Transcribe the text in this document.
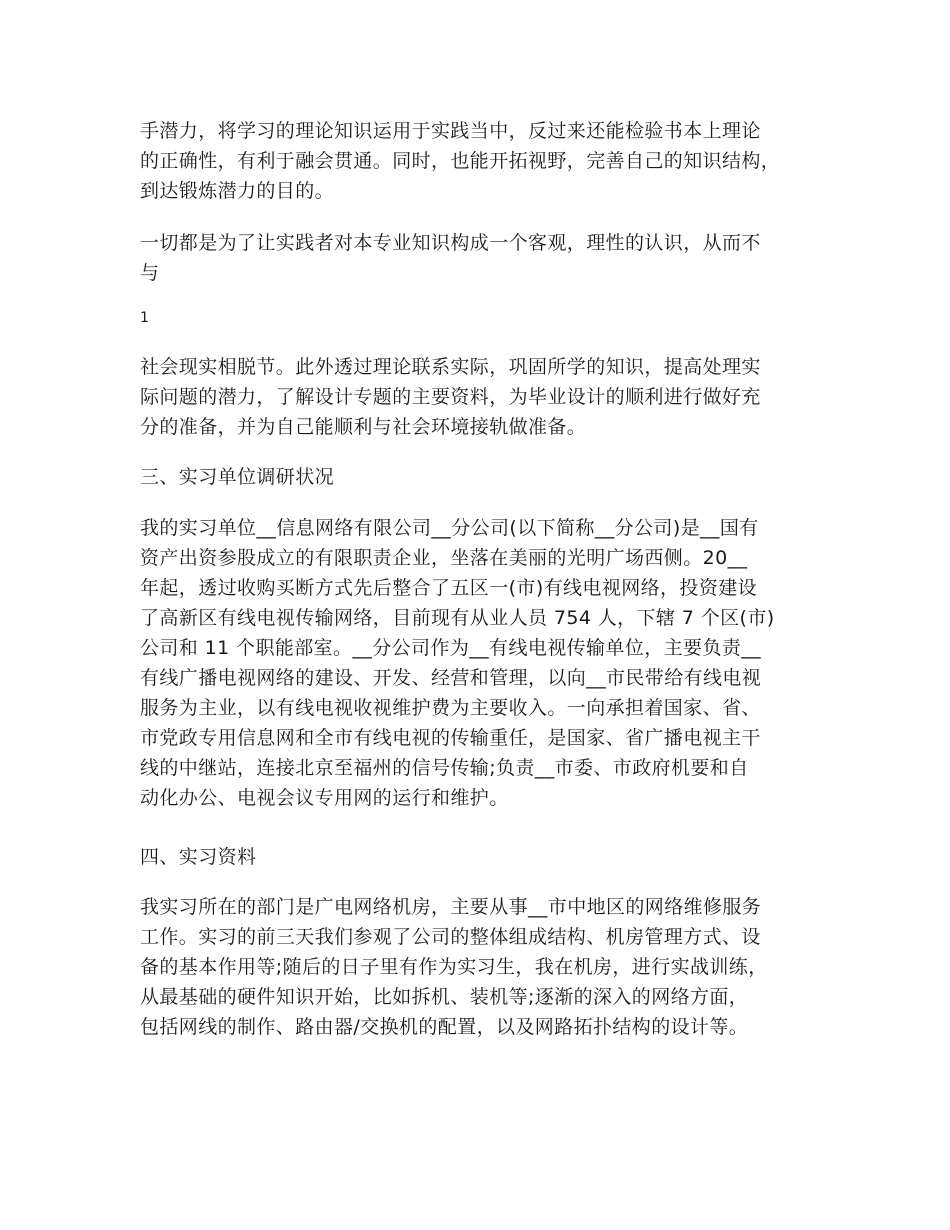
手潜力，将学习的理论知识运用于实践当中，反过来还能检验书本上理论
的正确性，有利于融会贯通。同时，也能开拓视野，完善自己的知识结构，
到达锻炼潜力的目的。
一切都是为了让实践者对本专业知识构成一个客观，理性的认识，从而不
与
1
社会现实相脱节。此外透过理论联系实际，巩固所学的知识，提高处理实
际问题的潜力，了解设计专题的主要资料，为毕业设计的顺利进行做好充
分的准备，并为自己能顺利与社会环境接轨做准备。
三、实习单位调研状况
我的实习单位__信息网络有限公司__分公司(以下简称__分公司)是__国有
资产出资参股成立的有限职责企业，坐落在美丽的光明广场西侧。20__
年起，透过收购买断方式先后整合了五区一(市)有线电视网络，投资建设
了高新区有线电视传输网络，目前现有从业人员 754 人，下辖 7 个区(市)
公司和 11 个职能部室。__分公司作为__有线电视传输单位，主要负责__
有线广播电视网络的建设、开发、经营和管理，以向__市民带给有线电视
服务为主业，以有线电视收视维护费为主要收入。一向承担着国家、省、
市党政专用信息网和全市有线电视的传输重任，是国家、省广播电视主干
线的中继站，连接北京至福州的信号传输;负责__市委、市政府机要和自
动化办公、电视会议专用网的运行和维护。
四、实习资料
我实习所在的部门是广电网络机房，主要从事__市中地区的网络维修服务
工作。实习的前三天我们参观了公司的整体组成结构、机房管理方式、设
备的基本作用等;随后的日子里有作为实习生，我在机房，进行实战训练，
从最基础的硬件知识开始，比如拆机、装机等;逐渐的深入的网络方面，
包括网线的制作、路由器/交换机的配置，以及网路拓扑结构的设计等。
